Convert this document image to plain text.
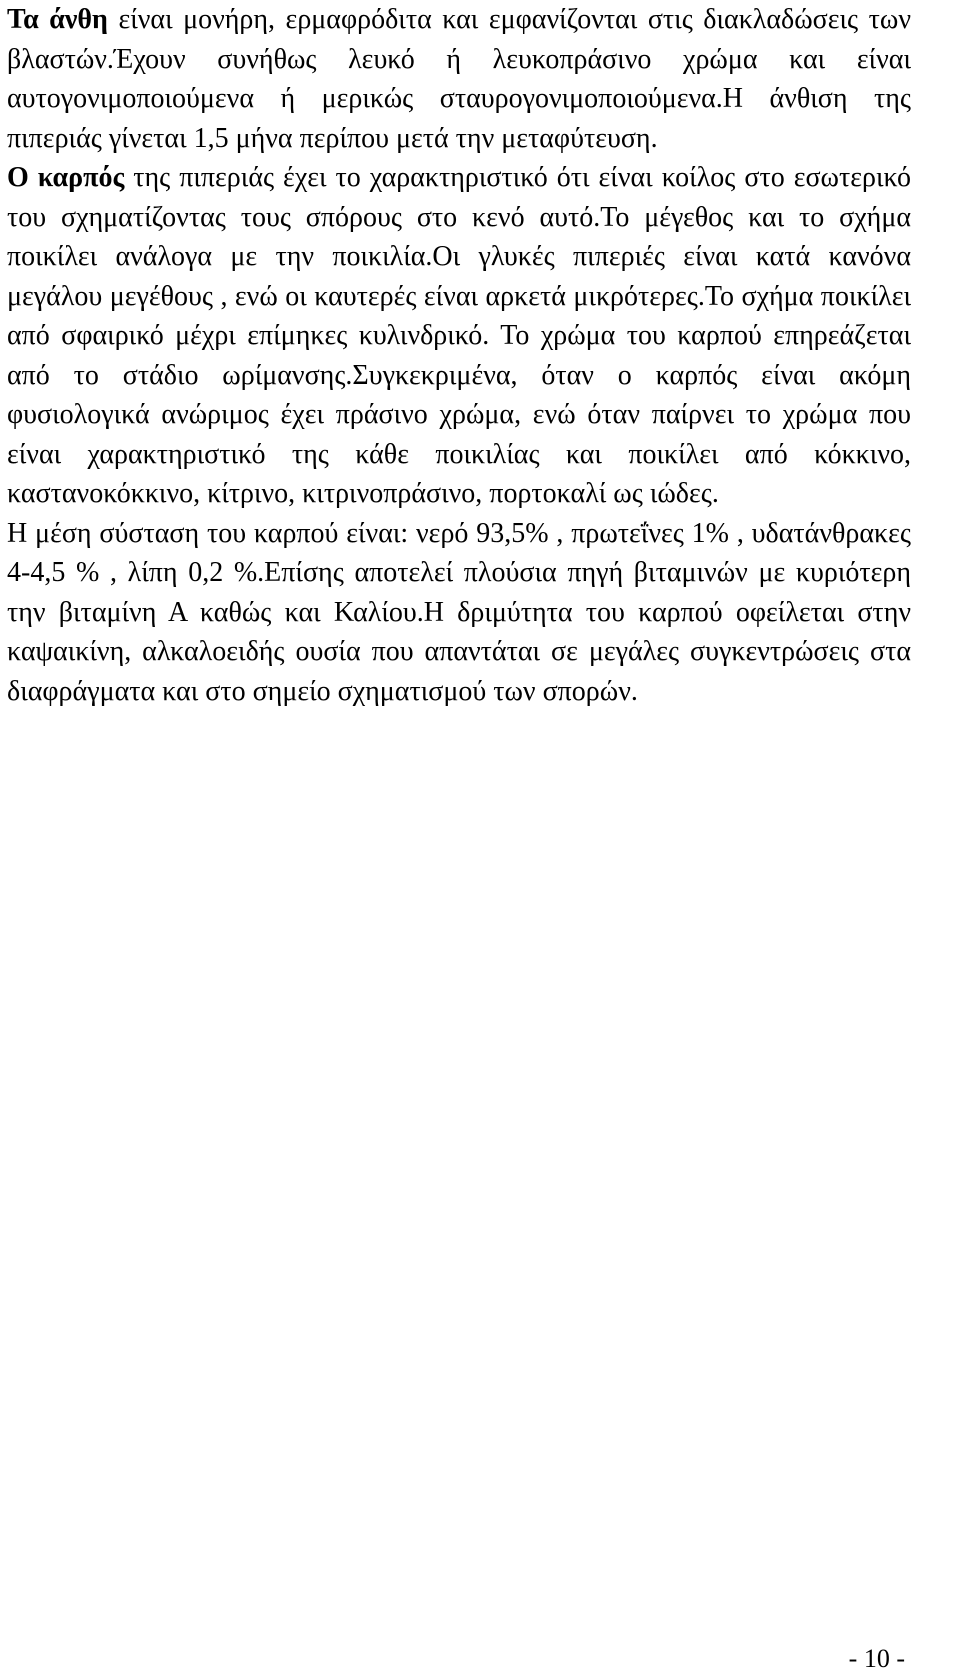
Τα άνθη είναι μονήρη, ερμαφρόδιτα και εμφανίζονται στις διακλαδώσεις των βλαστών.Έχουν συνήθως λευκό ή λευκοπράσινο χρώμα και είναι αυτογονιμοποιούμενα ή μερικώς σταυρογονιμοποιούμενα.Η άνθιση της πιπεριάς γίνεται 1,5 μήνα περίπου μετά την μεταφύτευση.

Ο καρπός της πιπεριάς έχει το χαρακτηριστικό ότι είναι κοίλος στο εσωτερικό του σχηματίζοντας τους σπόρους στο κενό αυτό.Το μέγεθος και το σχήμα ποικίλει ανάλογα με την ποικιλία.Οι γλυκές πιπεριές είναι κατά κανόνα μεγάλου μεγέθους , ενώ οι καυτερές είναι αρκετά μικρότερες.Το σχήμα ποικίλει από σφαιρικό μέχρι επίμηκες κυλινδρικό. Το χρώμα του καρπού επηρεάζεται από το στάδιο ωρίμανσης.Συγκεκριμένα, όταν ο καρπός είναι ακόμη φυσιολογικά ανώριμος έχει πράσινο χρώμα, ενώ όταν παίρνει το χρώμα που είναι χαρακτηριστικό της κάθε ποικιλίας και ποικίλει από κόκκινο, καστανοκόκκινο, κίτρινο, κιτρινοπράσινο, πορτοκαλί ως ιώδες.

Η μέση σύσταση του καρπού είναι: νερό 93,5% , πρωτεΐνες 1% , υδατάνθρακες 4-4,5 % , λίπη 0,2 %.Επίσης αποτελεί πλούσια πηγή βιταμινών με κυριότερη την βιταμίνη Α καθώς και Καλίου.Η δριμύτητα του καρπού οφείλεται στην καψαικίνη, αλκαλοειδής ουσία που απαντάται σε μεγάλες συγκεντρώσεις στα διαφράγματα και στο σημείο σχηματισμού των σπορών.

- 10 -
